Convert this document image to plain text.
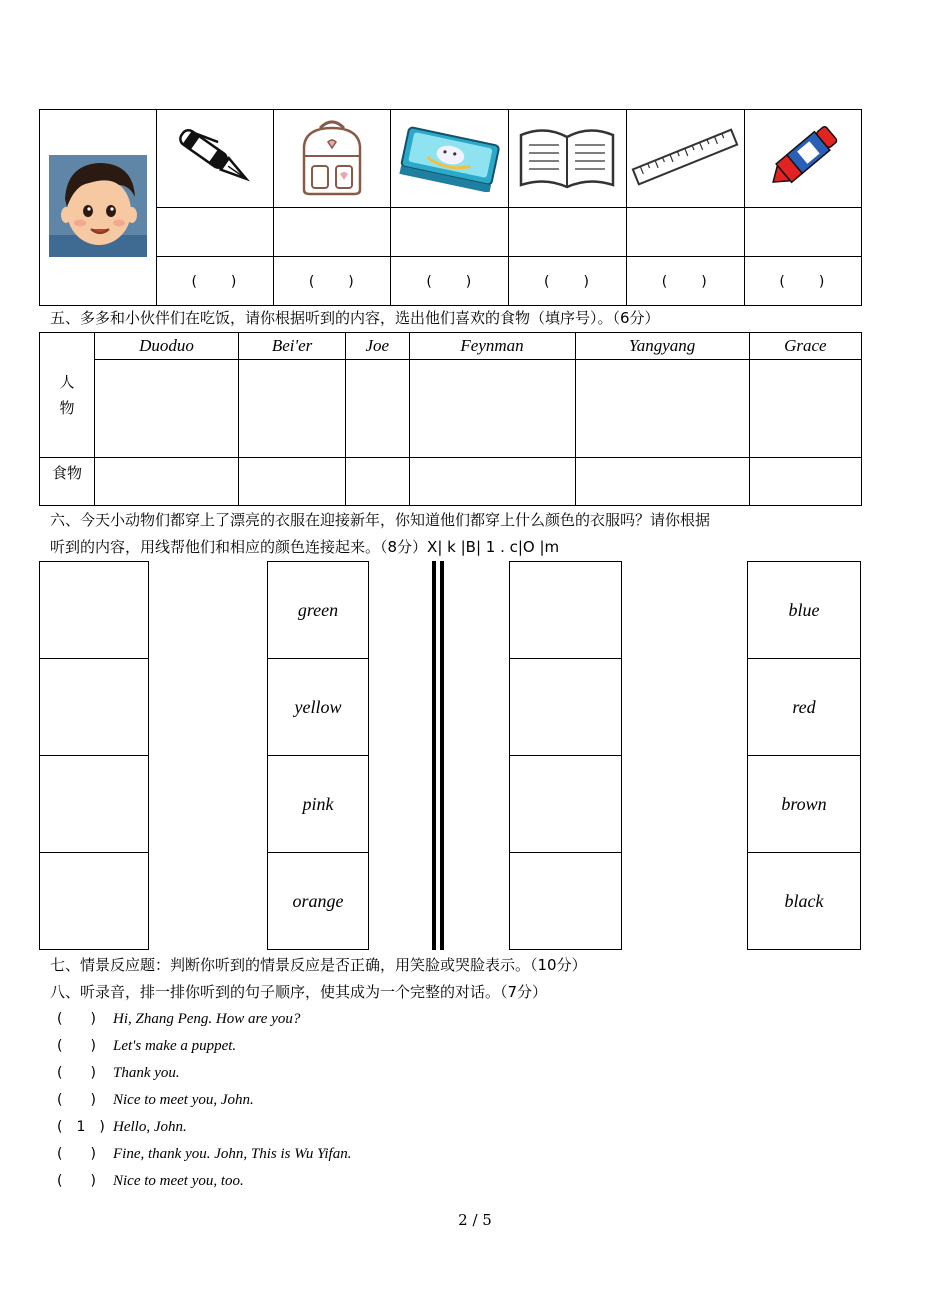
	(　　)	(　　)	(　　)	(　　)	(　　)	(　　)
五、多多和小伙伴们在吃饭，请你根据听到的内容，选出他们喜欢的食物（填序号）。（6分）
人物	Duoduo	Bei'er	Joe	Feynman	Yangyang	Grace

食物						
六、今天小动物们都穿上了漂亮的衣服在迎接新年，你知道他们都穿上什么颜色的衣服吗？请你根据
听到的内容，用线帮他们和相应的颜色连接起来。（8分）X| k |B| 1 . c|O |m

green
yellow
pink
orange

blue
red
brown
black
七、情景反应题：判断你听到的情景反应是否正确，用笑脸或哭脸表示。（10分）
八、听录音，排一排你听到的句子顺序，使其成为一个完整的对话。（7分）
(　　) Hi, Zhang Peng. How are you?
(　　) Let's make a puppet.
(　　) Thank you.
(　　) Nice to meet you, John.
(　1　) Hello, John.
(　　) Fine, thank you. John, This is Wu Yifan.
(　　) Nice to meet you, too.
2 / 5
